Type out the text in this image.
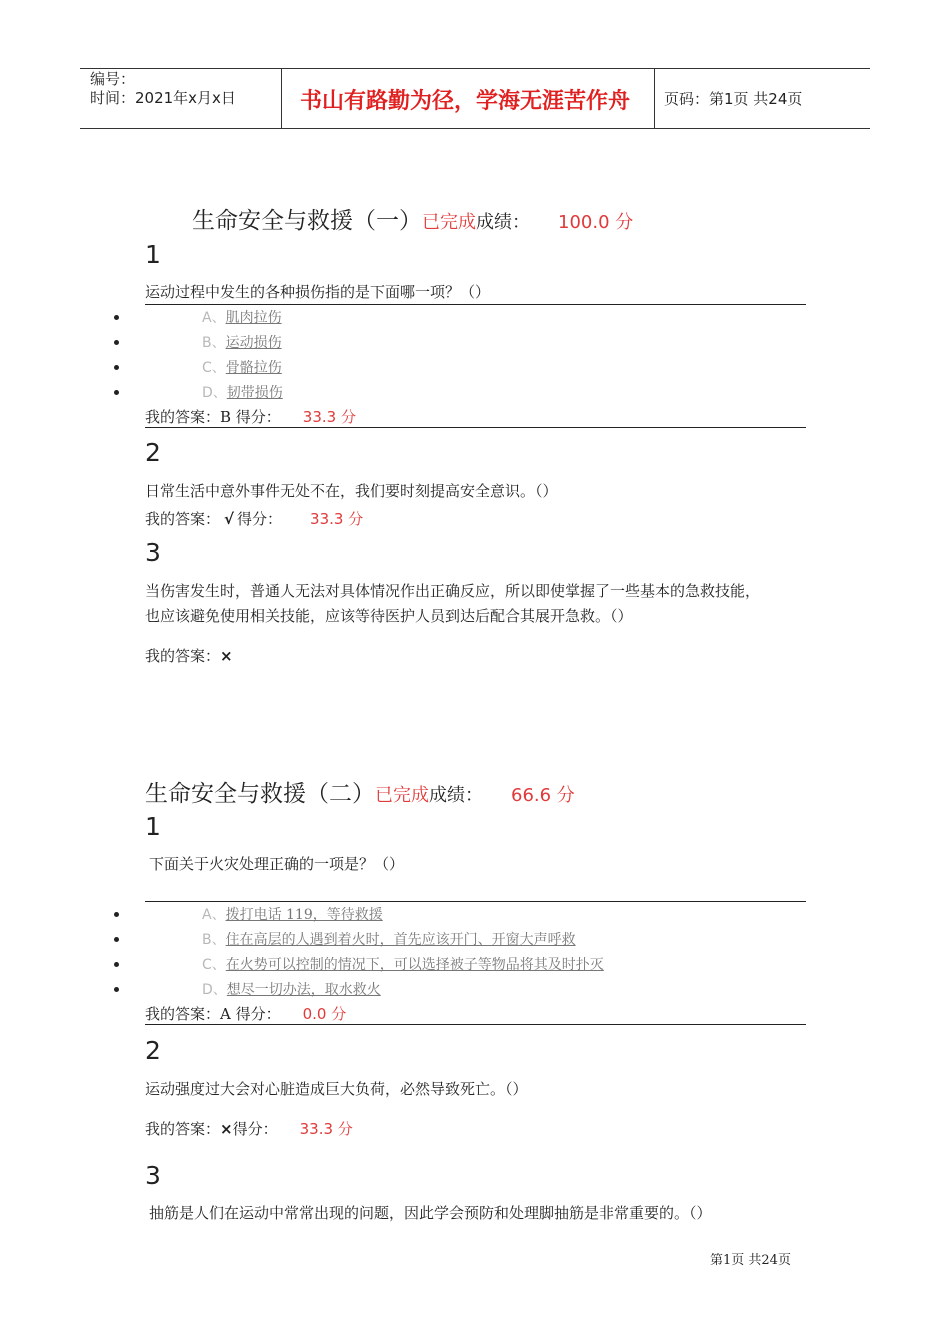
编号：
时间：2021年x月x日	书山有路勤为径，学海无涯苦作舟 页码：第1页 共24页
生命安全与救援（一）已完成成绩： 100.0 分
1
运动过程中发生的各种损伤指的是下面哪一项？（）
A、肌肉拉伤
B、运动损伤
C、骨骼拉伤
D、韧带损伤
我的答案：B 得分： 33.3 分
2
日常生活中意外事件无处不在，我们要时刻提高安全意识。（）
我的答案： √ 得分： 33.3 分
3
当伤害发生时，普通人无法对具体情况作出正确反应，所以即使掌握了一些基本的急救技能，
也应该避免使用相关技能，应该等待医护人员到达后配合其展开急救。（）
我的答案：×
生命安全与救援（二）已完成成绩： 66.6 分
1
下面关于火灾处理正确的一项是？（）
A、拨打电话 119，等待救援
B、住在高层的人遇到着火时，首先应该开门、开窗大声呼救
C、在火势可以控制的情况下，可以选择被子等物品将其及时扑灭
D、想尽一切办法，取水救火
我的答案：A 得分： 0.0 分
2
运动强度过大会对心脏造成巨大负荷，必然导致死亡。（）
我的答案：×得分： 33.3 分
3
抽筋是人们在运动中常常出现的问题，因此学会预防和处理脚抽筋是非常重要的。（）
第1页 共24页
